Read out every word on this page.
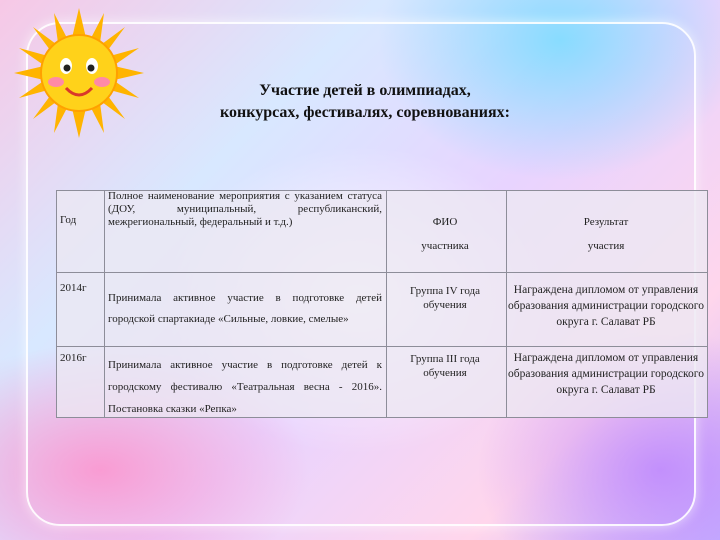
Участие детей в олимпиадах,
конкурсах, фестивалях, соревнованиях:
Год
Полное наименование мероприятия с указанием статуса (ДОУ, муниципальный, республиканский, межрегиональный, федеральный и т.д.)	ФИО
участника
Результат
участия
2014г
Принимала активное участие в подготовке детей городской спартакиаде «Сильные, ловкие, смелые»
Группа IV года обучения
Награждена дипломом от управления образования администрации городского округа г. Салават РБ
2016г
Принимала активное участие в подготовке детей к городскому фестивалю «Театральная весна - 2016». Постановка сказки «Репка»
Группа III года обучения
Награждена дипломом от управления образования администрации городского округа г. Салават РБ
